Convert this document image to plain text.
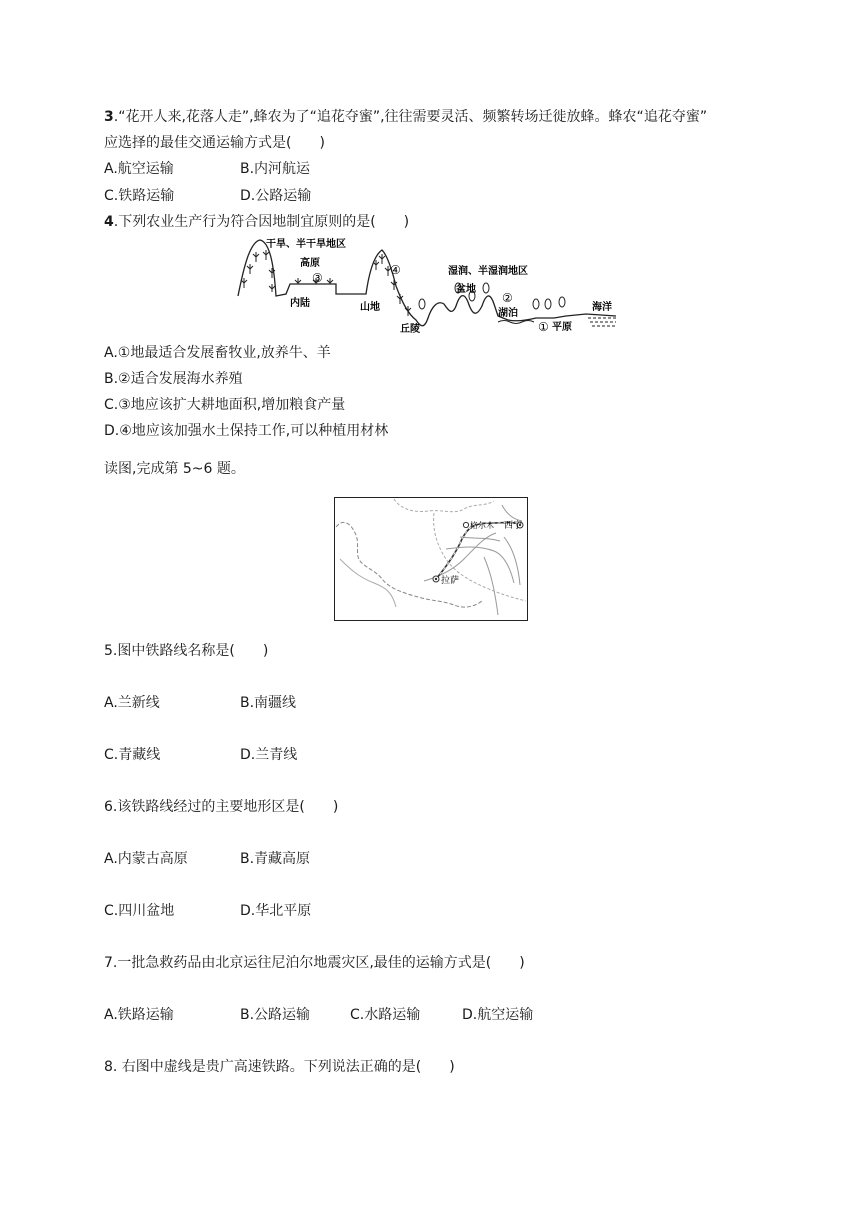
3.“花开人来,花落人走”,蜂农为了“追花夺蜜”,往往需要灵活、频繁转场迁徙放蜂。蜂农“追花夺蜜”
应选择的最佳交通运输方式是(　　)
A.航空运输	B.内河航运
C.铁路运输	D.公路运输
4.下列农业生产行为符合因地制宜原则的是(　　)
干旱、半干旱地区
高原
③
内陆	山地
④
丘陵
湿润、半湿润地区
盆地
②
湖泊
① 平原
海洋
A.①地最适合发展畜牧业,放养牛、羊
B.②适合发展海水养殖
C.③地应该扩大耕地面积,增加粮食产量
D.④地应该加强水土保持工作,可以种植用材林
读图,完成第 5~6 题。
格尔木 西宁
拉萨
5.图中铁路线名称是(　　)
A.兰新线	B.南疆线
C.青藏线	D.兰青线
6.该铁路线经过的主要地形区是(　　)
A.内蒙古高原	B.青藏高原
C.四川盆地	D.华北平原
7.一批急救药品由北京运往尼泊尔地震灾区,最佳的运输方式是(　　)
A.铁路运输	B.公路运输	C.水路运输	D.航空运输
8. 右图中虚线是贵广高速铁路。下列说法正确的是(　　)
